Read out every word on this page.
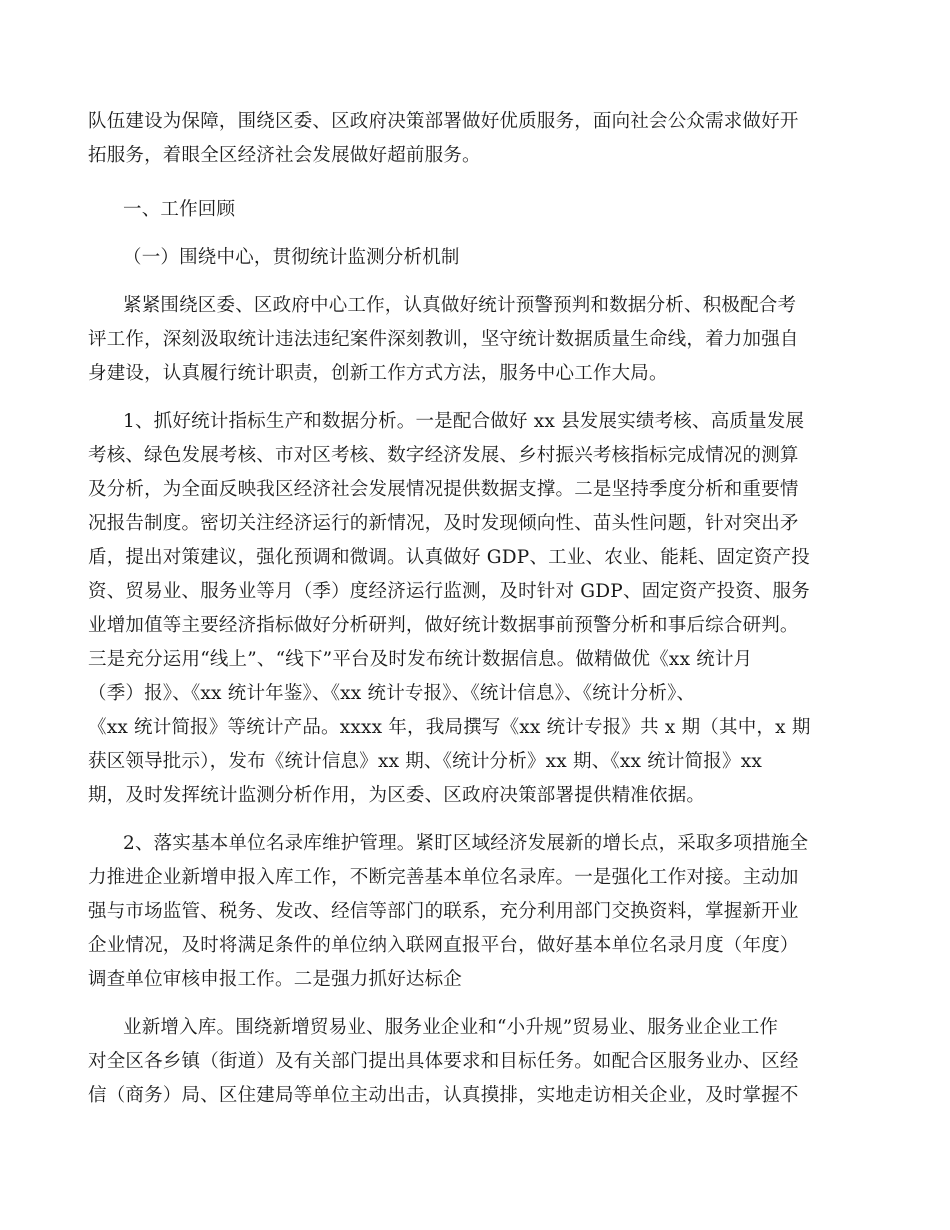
队伍建设为保障，围绕区委、区政府决策部署做好优质服务，面向社会公众需求做好开
拓服务，着眼全区经济社会发展做好超前服务。
一、工作回顾
（一）围绕中心，贯彻统计监测分析机制
紧紧围绕区委、区政府中心工作，认真做好统计预警预判和数据分析、积极配合考
评工作，深刻汲取统计违法违纪案件深刻教训，坚守统计数据质量生命线，着力加强自
身建设，认真履行统计职责，创新工作方式方法，服务中心工作大局。
1、抓好统计指标生产和数据分析。一是配合做好 xx 县发展实绩考核、高质量发展
考核、绿色发展考核、市对区考核、数字经济发展、乡村振兴考核指标完成情况的测算
及分析，为全面反映我区经济社会发展情况提供数据支撑。二是坚持季度分析和重要情
况报告制度。密切关注经济运行的新情况，及时发现倾向性、苗头性问题，针对突出矛
盾，提出对策建议，强化预调和微调。认真做好 GDP、工业、农业、能耗、固定资产投
资、贸易业、服务业等月（季）度经济运行监测，及时针对 GDP、固定资产投资、服务
业增加值等主要经济指标做好分析研判，做好统计数据事前预警分析和事后综合研判。
三是充分运用“线上”、“线下”平台及时发布统计数据信息。做精做优《xx 统计月
（季）报》、《xx 统计年鉴》、《xx 统计专报》、《统计信息》、《统计分析》、
《xx 统计简报》等统计产品。xxxx 年，我局撰写《xx 统计专报》共 x 期（其中，x 期
获区领导批示），发布《统计信息》xx 期、《统计分析》xx 期、《xx 统计简报》xx
期，及时发挥统计监测分析作用，为区委、区政府决策部署提供精准依据。
2、落实基本单位名录库维护管理。紧盯区域经济发展新的增长点，采取多项措施全
力推进企业新增申报入库工作，不断完善基本单位名录库。一是强化工作对接。主动加
强与市场监管、税务、发改、经信等部门的联系，充分利用部门交换资料，掌握新开业
企业情况，及时将满足条件的单位纳入联网直报平台，做好基本单位名录月度（年度）
调查单位审核申报工作。二是强力抓好达标企
业新增入库。围绕新增贸易业、服务业企业和“小升规”贸易业、服务业企业工作
对全区各乡镇（街道）及有关部门提出具体要求和目标任务。如配合区服务业办、区经
信（商务）局、区住建局等单位主动出击，认真摸排，实地走访相关企业，及时掌握不
